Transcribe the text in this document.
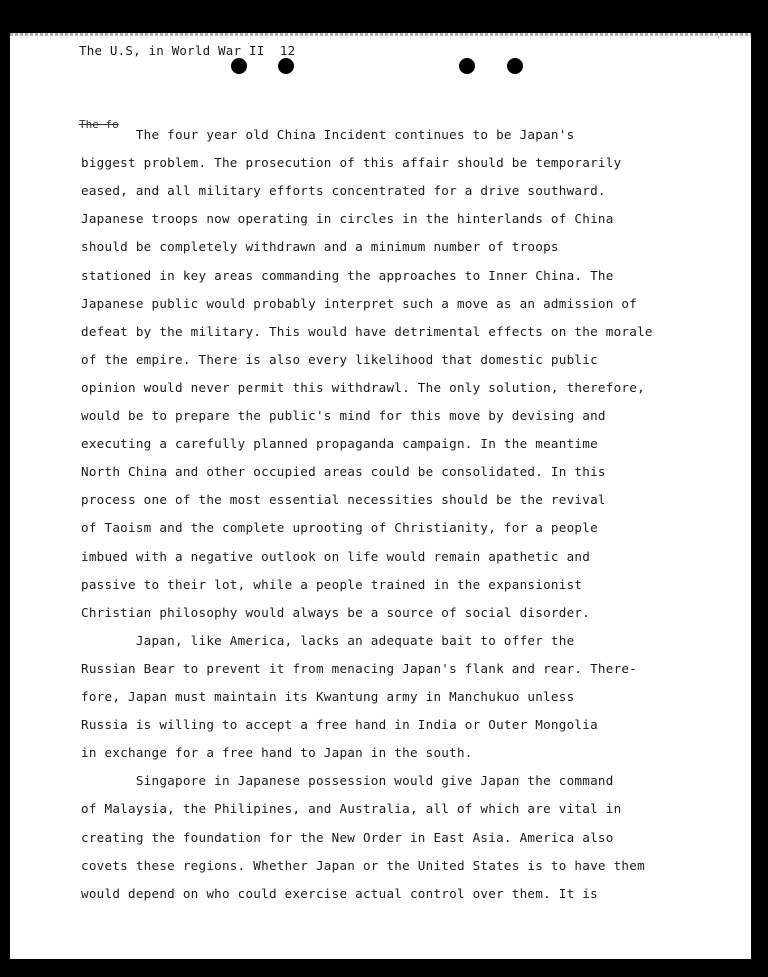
'
The U.S, in World War II  12
The fo
The four year old China Incident continues to be Japan's
biggest problem. The prosecution of this affair should be temporarily
eased, and all military efforts concentrated for a drive southward.
Japanese troops now operating in circles in the hinterlands of China
should be completely withdrawn and a minimum number of troops
stationed in key areas commanding the approaches to Inner China. The
Japanese public would probably interpret such a move as an admission of
defeat by the military. This would have detrimental effects on the morale
of the empire. There is also every likelihood that domestic public
opinion would never permit this withdrawl. The only solution, therefore,
would be to prepare the public's mind for this move by devising and
executing a carefully planned propaganda campaign. In the meantime
North China and other occupied areas could be consolidated. In this
process one of the most essential necessities should be the revival
of Taoism and the complete uprooting of Christianity, for a people
imbued with a negative outlook on life would remain apathetic and
passive to their lot, while a people trained in the expansionist
Christian philosophy would always be a source of social disorder.
Japan, like America, lacks an adequate bait to offer the
Russian Bear to prevent it from menacing Japan's flank and rear. There-
fore, Japan must maintain its Kwantung army in Manchukuo unless
Russia is willing to accept a free hand in India or Outer Mongolia
in exchange for a free hand to Japan in the south.
Singapore in Japanese possession would give Japan the command
of Malaysia, the Philipines, and Australia, all of which are vital in
creating the foundation for the New Order in East Asia. America also
covets these regions. Whether Japan or the United States is to have them
would depend on who could exercise actual control over them. It is
